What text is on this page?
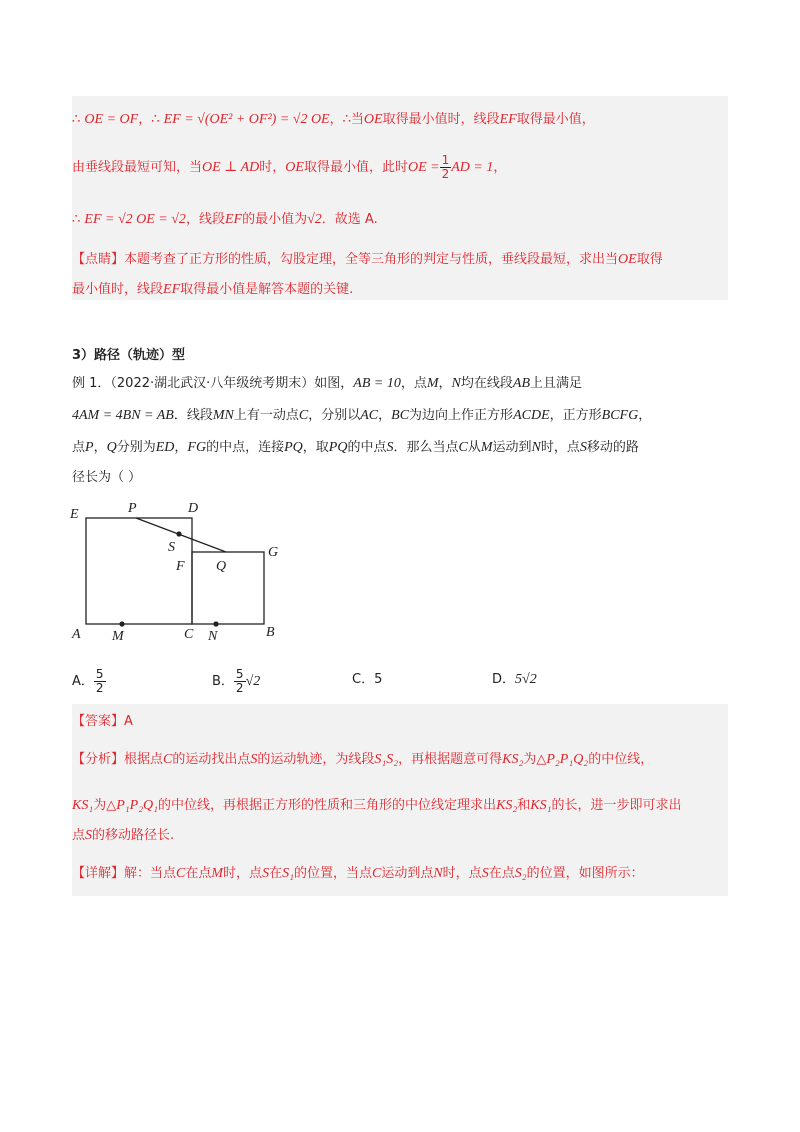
∴ OE = OF，∴ EF = √(OE² + OF²) = √2 OE，∴当OE取得最小值时，线段EF取得最小值，
由垂线段最短可知，当OE ⊥ AD时，OE取得最小值，此时OE = $\frac{1}{2}$ AD = 1，
∴ EF = √2 OE = √2，线段EF的最小值为√2．故选 A.
【点睛】本题考查了正方形的性质，勾股定理，全等三角形的判定与性质，垂线段最短，求出当OE取得
最小值时，线段EF取得最小值是解答本题的关键.
3）路径（轨迹）型
例 1．（2022·湖北武汉·八年级统考期末）如图，AB = 10，点M，N均在线段AB上且满足
4AM = 4BN = AB．线段MN上有一动点C，分别以AC，BC为边向上作正方形ACDE，正方形BCFG，
点P，Q分别为ED，FG的中点，连接PQ，取PQ的中点S．那么当点C从M运动到N时，点S移动的路
径长为（ ）
E	P	D
S	G
F Q
A M	C N	B
A． $\frac{5}{2}$	B． $\frac{5}{2} √2$	C．5	D．5√2
【答案】A
【分析】根据点C的运动找出点S的运动轨迹，为线段S₁S₂，再根据题意可得KS₂为△P₂P₁Q₂的中位线，
KS₁为△P₁P₂Q₁的中位线，再根据正方形的性质和三角形的中位线定理求出KS₂和KS₁的长，进一步即可求出
点S的移动路径长.
【详解】解：当点C在点M时，点S在S₁的位置，当点C运动到点N时，点S在点S₂的位置，如图所示：
